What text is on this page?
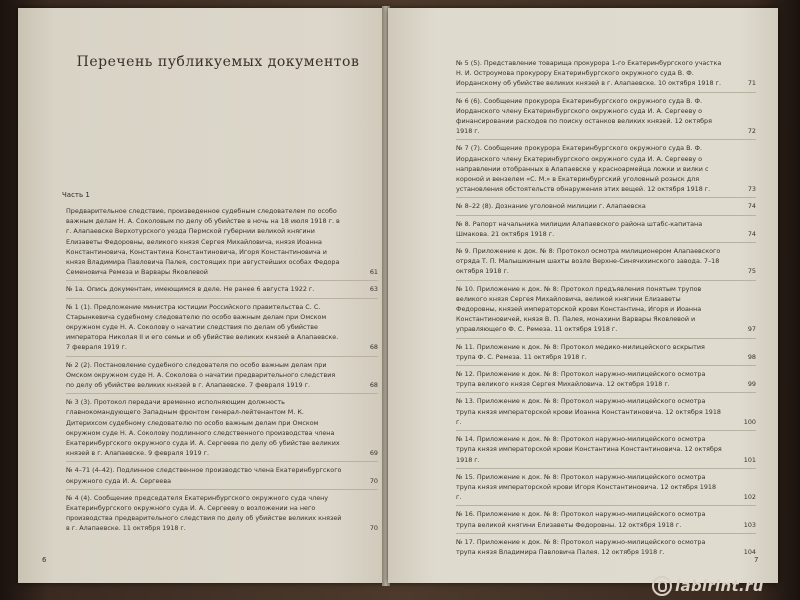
Перечень публикуемых документов
Часть 1
Предварительное следствие, произведенное судебным следователем по особо важным делам Н. А. Соколовым по делу об убийстве в ночь на 18 июля 1918 г. в г. Алапаевске Верхотурского уезда Пермской губернии великой княгини Елизаветы Федоровны, великого князя Сергея Михайловича, князя Иоанна Константиновича, Константина Константиновича, Игоря Константиновича и князя Владимира Павловича Палея, состоящих при августейших особах Федора Семеновича Ремеза и Варвары Яковлевой	61
№ 1а. Опись документам, имеющимся в деле. Не ранее 6 августа 1922 г.	63
№ 1 (1). Предложение министра юстиции Российского правительства С. С. Старынкевича судебному следователю по особо важным делам при Омском окружном суде Н. А. Соколову о начатии следствия по делам об убийстве императора Николая II и его семьи и об убийстве великих князей в Алапаевске. 7 февраля 1919 г.	68
№ 2 (2). Постановление судебного следователя по особо важным делам при Омском окружном суде Н. А. Соколова о начатии предварительного следствия по делу об убийстве великих князей в г. Алапаевске. 7 февраля 1919 г.	68
№ 3 (3). Протокол передачи временно исполняющим должность главнокомандующего Западным фронтом генерал-лейтенантом М. К. Дитерихсом судебному следователю по особо важным делам при Омском окружном суде Н. А. Соколову подлинного следственного производства члена Екатеринбургского окружного суда И. А. Сергеева по делу об убийстве великих князей в г. Алапаевске. 9 февраля 1919 г.	69
№ 4–71 (4–42). Подлинное следственное производство члена Екатеринбургского окружного суда И. А. Сергеева	70
№ 4 (4). Сообщение председателя Екатеринбургского окружного суда члену Екатеринбургского окружного суда И. А. Сергееву о возложении на него производства предварительного следствия по делу об убийстве великих князей в г. Алапаевске. 11 октября 1918 г.	70
6
№ 5 (5). Представление товарища прокурора 1-го Екатеринбургского участка Н. И. Остроумова прокурору Екатеринбургского окружного суда В. Ф. Иорданскому об убийстве великих князей в г. Алапаевске. 10 октября 1918 г.	71
№ 6 (6). Сообщение прокурора Екатеринбургского окружного суда В. Ф. Иорданского члену Екатеринбургского окружного суда И. А. Сергееву о финансировании расходов по поиску останков великих князей. 12 октября 1918 г.	72
№ 7 (7). Сообщение прокурора Екатеринбургского окружного суда В. Ф. Иорданского члену Екатеринбургского окружного суда И. А. Сергееву о направлении отобранных в Алапаевске у красноармейца ложки и вилки с короной и вензелем «С. М.» в Екатеринбургский уголовный розыск для установления обстоятельств обнаружения этих вещей. 12 октября 1918 г.	73
№ 8–22 (8). Дознание уголовной милиции г. Алапаевска	74
№ 8. Рапорт начальника милиции Алапаевского района штабс-капитана Шмакова. 21 октября 1918 г.	74
№ 9. Приложение к док. № 8: Протокол осмотра милиционером Алапаевского отряда Т. П. Малышкиным шахты возле Верхне-Синячихинского завода. 7–18 октября 1918 г.	75
№ 10. Приложение к док. № 8: Протокол предъявления понятым трупов великого князя Сергея Михайловича, великой княгини Елизаветы Федоровны, князей императорской крови Константина, Игоря и Иоанна Константиновичей, князя В. П. Палея, монахини Варвары Яковлевой и управляющего Ф. С. Ремеза. 11 октября 1918 г.	97
№ 11. Приложение к док. № 8: Протокол медико-милицейского вскрытия трупа Ф. С. Ремеза. 11 октября 1918 г.	98
№ 12. Приложение к док. № 8: Протокол наружно-милицейского осмотра трупа великого князя Сергея Михайловича. 12 октября 1918 г.	99
№ 13. Приложение к док. № 8: Протокол наружно-милицейского осмотра трупа князя императорской крови Иоанна Константиновича. 12 октября 1918 г.	100
№ 14. Приложение к док. № 8: Протокол наружно-милицейского осмотра трупа князя императорской крови Константина Константиновича. 12 октября 1918 г.	101
№ 15. Приложение к док. № 8: Протокол наружно-милицейского осмотра трупа князя императорской крови Игоря Константиновича. 12 октября 1918 г.	102
№ 16. Приложение к док. № 8: Протокол наружно-милицейского осмотра трупа великой княгини Елизаветы Федоровны. 12 октября 1918 г.	103
№ 17. Приложение к док. № 8: Протокол наружно-милицейского осмотра трупа князя Владимира Павловича Палея. 12 октября 1918 г.	104
7
labirint.ru
